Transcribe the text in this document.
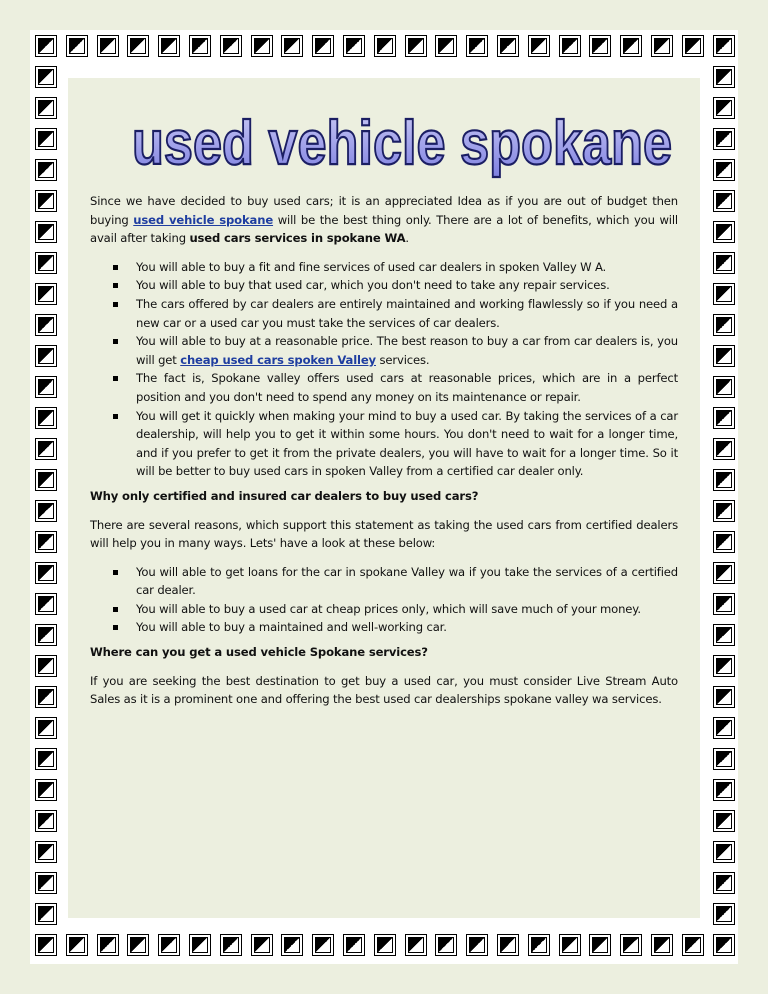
used vehicle spokane

Since we have decided to buy used cars; it is an appreciated Idea as if you are out of budget then buying used vehicle spokane will be the best thing only. There are a lot of benefits, which you will avail after taking used cars services in spokane WA.

You will able to buy a fit and fine services of used car dealers in spoken Valley W A.
You will able to buy that used car, which you don't need to take any repair services.
The cars offered by car dealers are entirely maintained and working flawlessly so if you need a new car or a used car you must take the services of car dealers.
You will able to buy at a reasonable price. The best reason to buy a car from car dealers is, you will get cheap used cars spoken Valley services.
The fact is, Spokane valley offers used cars at reasonable prices, which are in a perfect position and you don't need to spend any money on its maintenance or repair.
You will get it quickly when making your mind to buy a used car. By taking the services of a car dealership, will help you to get it within some hours. You don't need to wait for a longer time, and if you prefer to get it from the private dealers, you will have to wait for a longer time. So it will be better to buy used cars in spoken Valley from a certified car dealer only.

Why only certified and insured car dealers to buy used cars?

There are several reasons, which support this statement as taking the used cars from certified dealers will help you in many ways. Lets' have a look at these below:

You will able to get loans for the car in spokane Valley wa if you take the services of a certified car dealer.
You will able to buy a used car at cheap prices only, which will save much of your money.
You will able to buy a maintained and well-working car.

Where can you get a used vehicle Spokane services?

If you are seeking the best destination to get buy a used car, you must consider Live Stream Auto Sales as it is a prominent one and offering the best used car dealerships spokane valley wa services.
